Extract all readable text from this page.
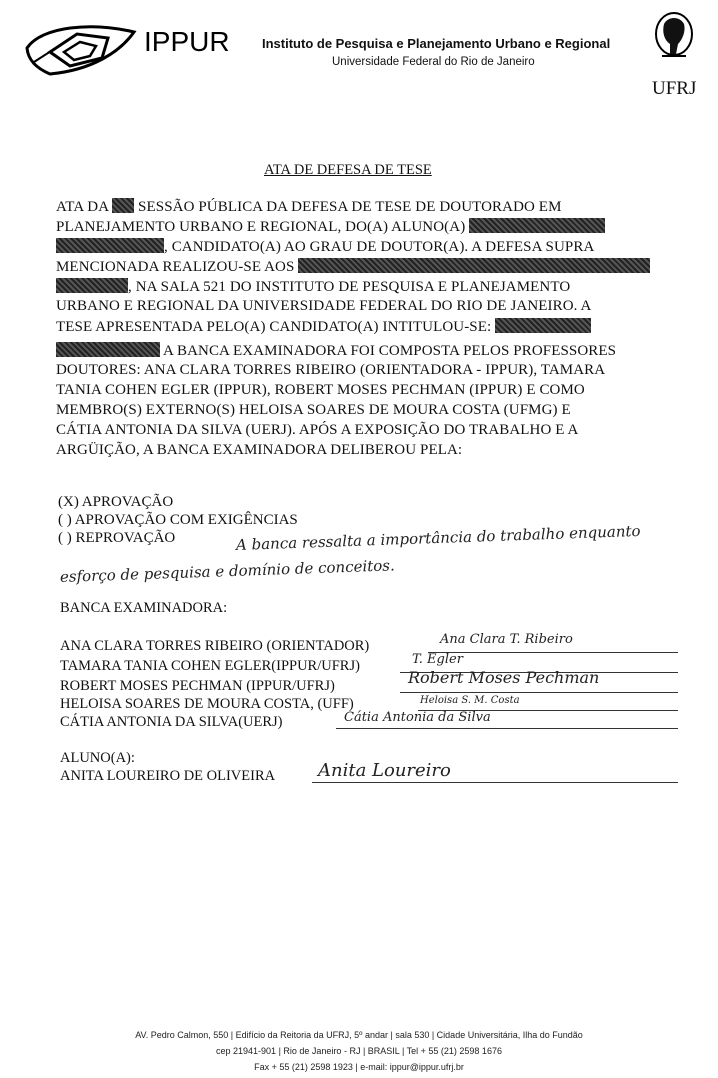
IPPUR Instituto de Pesquisa e Planejamento Urbano e Regional
Universidade Federal do Rio de Janeiro
UFRJ
ATA DE DEFESA DE TESE
ATA DA SESSÃO PÚBLICA DA DEFESA DE TESE DE DOUTORADO EM
PLANEJAMENTO URBANO E REGIONAL, DO(A) ALUNO(A)
, CANDIDATO(A) AO GRAU DE DOUTOR(A). A DEFESA SUPRA
MENCIONADA REALIZOU-SE AOS
, NA SALA 521 DO INSTITUTO DE PESQUISA E PLANEJAMENTO
URBANO E REGIONAL DA UNIVERSIDADE FEDERAL DO RIO DE JANEIRO. A
TESE APRESENTADA PELO(A) CANDIDATO(A) INTITULOU-SE:
A BANCA EXAMINADORA FOI COMPOSTA PELOS PROFESSORES
DOUTORES: ANA CLARA TORRES RIBEIRO (ORIENTADORA - IPPUR), TAMARA
TANIA COHEN EGLER (IPPUR), ROBERT MOSES PECHMAN (IPPUR) E COMO
MEMBRO(S) EXTERNO(S) HELOISA SOARES DE MOURA COSTA (UFMG) E
CÁTIA ANTONIA DA SILVA (UERJ). APÓS A EXPOSIÇÃO DO TRABALHO E A
ARGÜIÇÃO, A BANCA EXAMINADORA DELIBEROU PELA:
(X) APROVAÇÃO
( ) APROVAÇÃO COM EXIGÊNCIAS
( ) REPROVAÇÃO	A banca ressalta a importância do trabalho enquanto
esforço de pesquisa e domínio de conceitos.
BANCA EXAMINADORA:
ANA CLARA TORRES RIBEIRO (ORIENTADOR)	Ana Clara T. Ribeiro
TAMARA TANIA COHEN EGLER(IPPUR/UFRJ)	T. Egler
ROBERT MOSES PECHMAN (IPPUR/UFRJ)	Robert Moses Pechman
HELOISA SOARES DE MOURA COSTA, (UFF)	Heloisa S. M. Costa
CÁTIA ANTONIA DA SILVA(UERJ)	Cátia Antonia da Silva
ALUNO(A):
ANITA LOUREIRO DE OLIVEIRA Anita Loureiro
AV. Pedro Calmon, 550 | Edifício da Reitoria da UFRJ, 5º andar | sala 530 | Cidade Universitária, Ilha do Fundão
cep 21941-901 | Rio de Janeiro - RJ | BRASIL | Tel + 55 (21) 2598 1676
Fax + 55 (21) 2598 1923 | e-mail: ippur@ippur.ufrj.br
